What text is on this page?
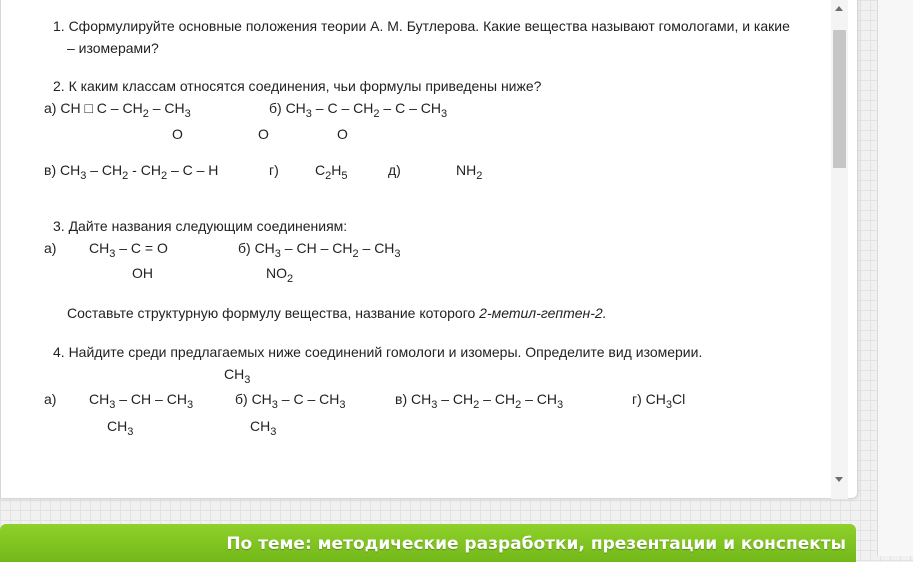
1. Сформулируйте основные положения теории А. М. Бутлерова. Какие вещества называют гомологами, и какие
– изомерами?
2. К каким классам относятся соединения, чьи формулы приведены ниже?
а) CH □ C – $CH_2 - CH_3$	б) $CH_3$ – C – $CH_2$ – C – $CH_3$
O	O	O
в) $CH_3 - CH_2 - CH_2$ – C – H	г)	$C_2H_5$	д)	$NH_2$
3. Дайте названия следующим соединениям:
а) $CH_3 - C = O$	б) $CH_3$ – CH – $CH_2 - CH_3$
OH	$NO_2$
Составьте структурную формулу вещества, название которого 2-метил-гептен-2.
4. Найдите среди предлагаемых ниже соединений гомологи и изомеры. Определите вид изомерии.
$CH_3$
а) $CH_3$ – CH – $CH_3$	б) $CH_3$ – C – $CH_3$	в) $CH_3 - CH_2 - CH_2 - CH_3$	г) $CH_3Cl$
$CH_3$	$CH_3$
По теме: методические разработки, презентации и конспекты
